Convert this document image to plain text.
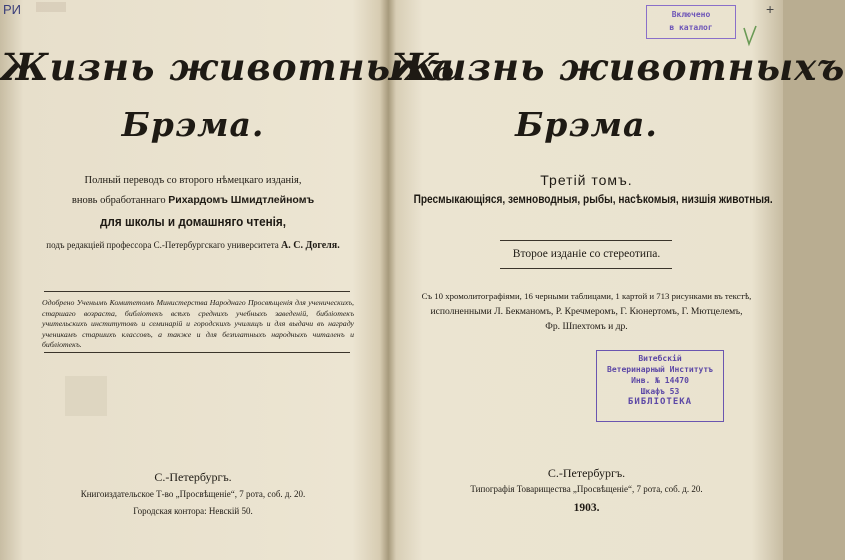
РИ
Жизнь животныхъ
Брэма.
Полный переводъ со второго нѣмецкаго изданія,
вновь обработаннаго Рихардомъ Шмидтлейномъ
для школы и домашняго чтенія,
подъ редакціей профессора С.-Петербургскаго университета А. С. Догеля.
Одобрено Ученымъ Комитетомъ Министерства Народнаго Просвѣщенія для ученическихъ, старшаго возраста, библіотекъ всѣхъ среднихъ учебныхъ заведеній, библіотекъ учительскихъ институтовъ и семинарій и городскихъ училищъ и для выдачи въ награду ученикамъ старшихъ классовъ, а также и для безплатныхъ народныхъ читаленъ и библіотекъ.
С.-Петербургъ.
Книгоиздательское Т-во „Просвѣщеніе“, 7 рота, соб. д. 20.
Городская контора: Невскій 50.
Включено
в каталог
+
Жизнь животныхъ
Брэма.
Третій томъ.
Пресмыкающіяся, земноводныя, рыбы, насѣкомыя, низшія животныя.
Второе изданіе со стереотипа.
Съ 10 хромолитографіями, 16 черными таблицами, 1 картой и 713 рисунками въ текстѣ,
исполненными Л. Бекманомъ, Р. Кречмеромъ, Г. Кюнертомъ, Г. Мютцелемъ,
Фр. Шпехтомъ и др.
Витебскій
Ветеринарный Институтъ
Инв. № 14470
Шкафъ 53
БИБЛІОТЕКА
С.-Петербургъ.
Типографія Товарищества „Просвѣщеніе“, 7 рота, соб. д. 20.
1903.
